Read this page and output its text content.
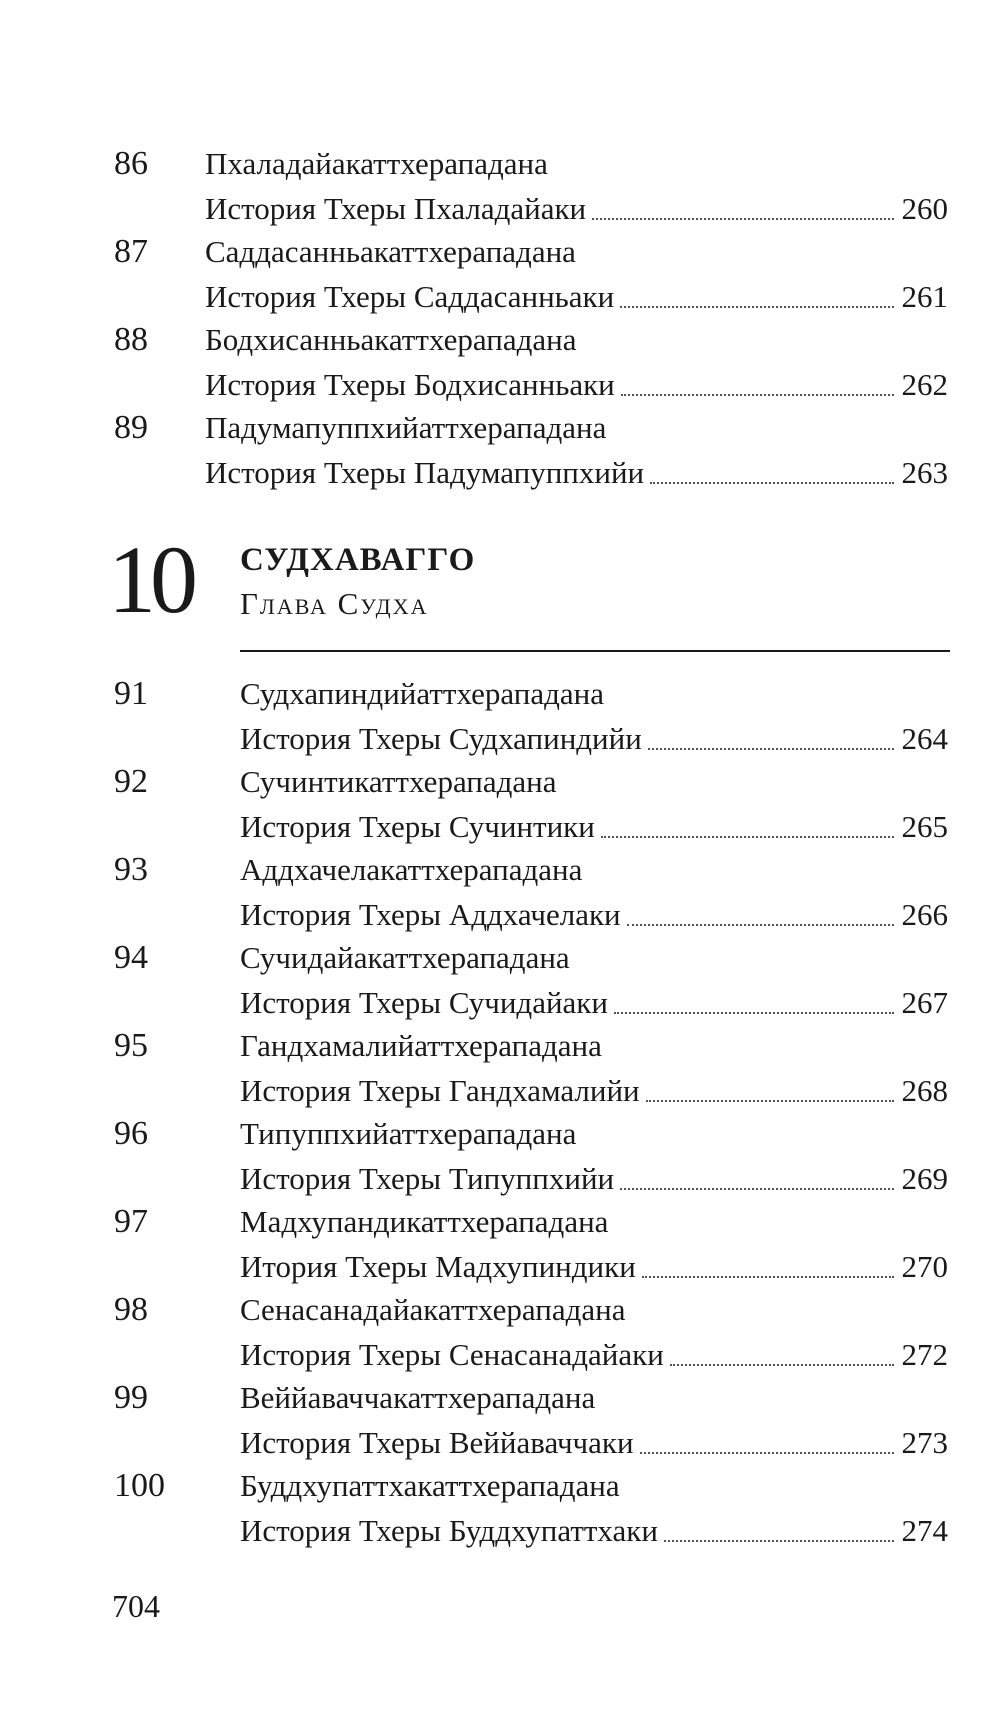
86 Пхаладайакаттхерападана
История Тхеры Пхаладайаки	260
87 Саддасанньакаттхерападана
История Тхеры Саддасанньаки	261
88 Бодхисанньакаттхерападана
История Тхеры Бодхисанньаки	262
89 Падумапуппхийаттхерападана
История Тхеры Падумапуппхийи	263
10 СУДХАВАГГО
Глава Судха
91	Судхапиндийаттхерападана
История Тхеры Судхапиндийи	264
92	Сучинтикаттхерападана
История Тхеры Сучинтики	265
93	Аддхачелакаттхерападана
История Тхеры Аддхачелаки	266
94	Сучидайакаттхерападана
История Тхеры Сучидайаки	267
95	Гандхамалийаттхерападана
История Тхеры Гандхамалийи	268
96	Типуппхийаттхерападана
История Тхеры Типуппхийи	269
97	Мадхупандикаттхерападана
Итория Тхеры Мадхупиндики	270
98	Сенасанадайакаттхерападана
История Тхеры Сенасанадайаки	272
99	Веййаваччакаттхерападана
История Тхеры Веййаваччаки	273
100 Буддхупаттхакаттхерападана
История Тхеры Буддхупаттхаки	274
704
